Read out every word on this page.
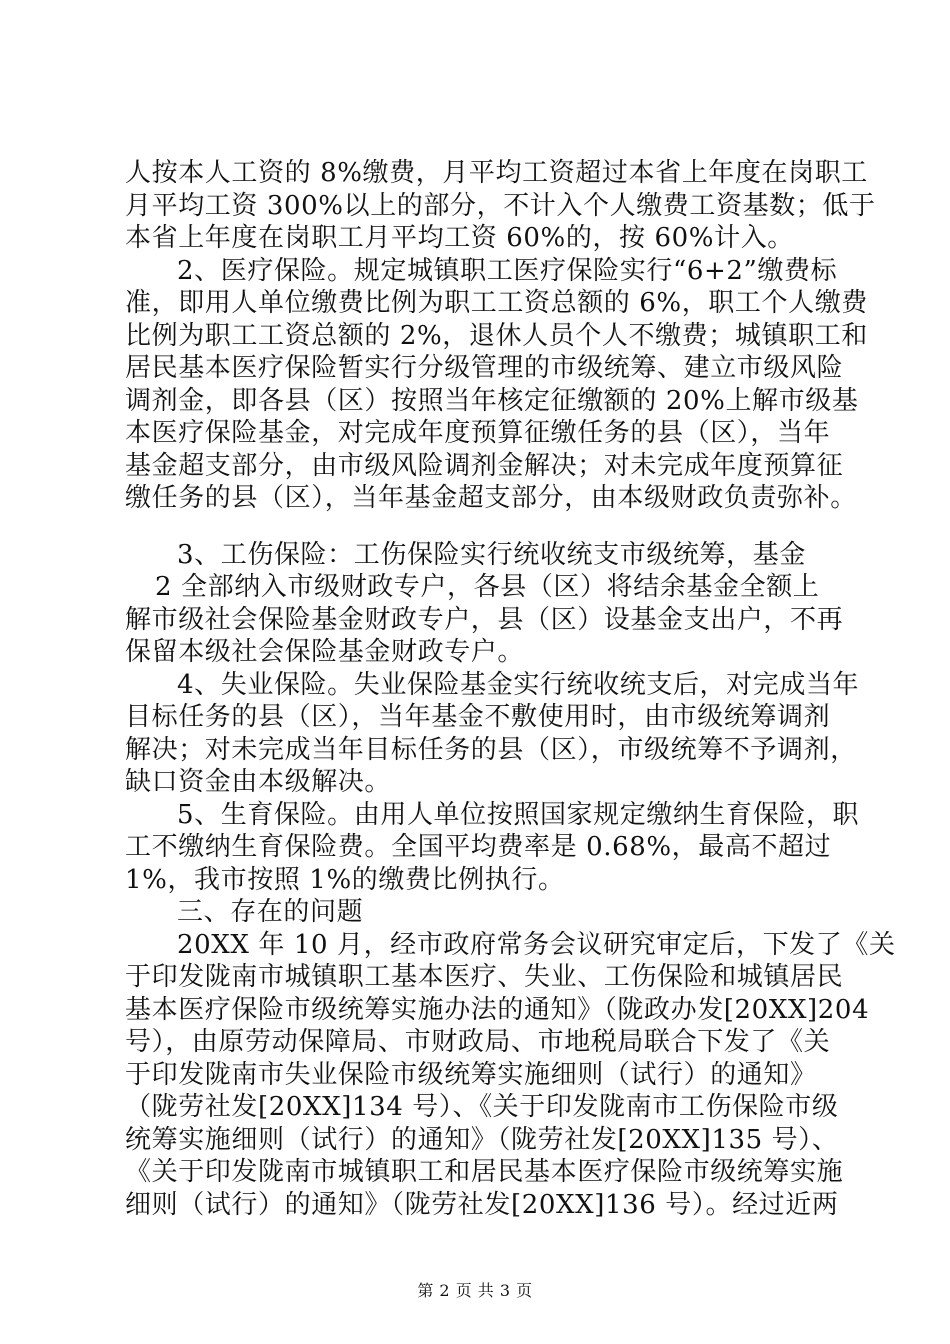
人按本人工资的 8%缴费，月平均工资超过本省上年度在岗职工
月平均工资 300%以上的部分，不计入个人缴费工资基数；低于
本省上年度在岗职工月平均工资 60%的，按 60%计入。
2、医疗保险。规定城镇职工医疗保险实行“6+2”缴费标
准，即用人单位缴费比例为职工工资总额的 6%，职工个人缴费
比例为职工工资总额的 2%，退休人员个人不缴费；城镇职工和
居民基本医疗保险暂实行分级管理的市级统筹、建立市级风险
调剂金，即各县（区）按照当年核定征缴额的 20%上解市级基
本医疗保险基金，对完成年度预算征缴任务的县（区），当年
基金超支部分，由市级风险调剂金解决；对未完成年度预算征
缴任务的县（区），当年基金超支部分，由本级财政负责弥补。
3、工伤保险：工伤保险实行统收统支市级统筹，基金
2 全部纳入市级财政专户，各县（区）将结余基金全额上
解市级社会保险基金财政专户，县（区）设基金支出户，不再
保留本级社会保险基金财政专户。
4、失业保险。失业保险基金实行统收统支后，对完成当年
目标任务的县（区），当年基金不敷使用时，由市级统筹调剂
解决；对未完成当年目标任务的县（区），市级统筹不予调剂，
缺口资金由本级解决。
5、生育保险。由用人单位按照国家规定缴纳生育保险，职
工不缴纳生育保险费。全国平均费率是 0.68%，最高不超过
1%，我市按照 1%的缴费比例执行。
三、存在的问题
20XX 年 10 月，经市政府常务会议研究审定后，下发了《关
于印发陇南市城镇职工基本医疗、失业、工伤保险和城镇居民
基本医疗保险市级统筹实施办法的通知》（陇政办发[20XX]204
号），由原劳动保障局、市财政局、市地税局联合下发了《关
于印发陇南市失业保险市级统筹实施细则（试行）的通知》
（陇劳社发[20XX]134 号）、《关于印发陇南市工伤保险市级
统筹实施细则（试行）的通知》（陇劳社发[20XX]135 号）、
《关于印发陇南市城镇职工和居民基本医疗保险市级统筹实施
细则（试行）的通知》（陇劳社发[20XX]136 号）。经过近两
第 2 页 共 3 页
